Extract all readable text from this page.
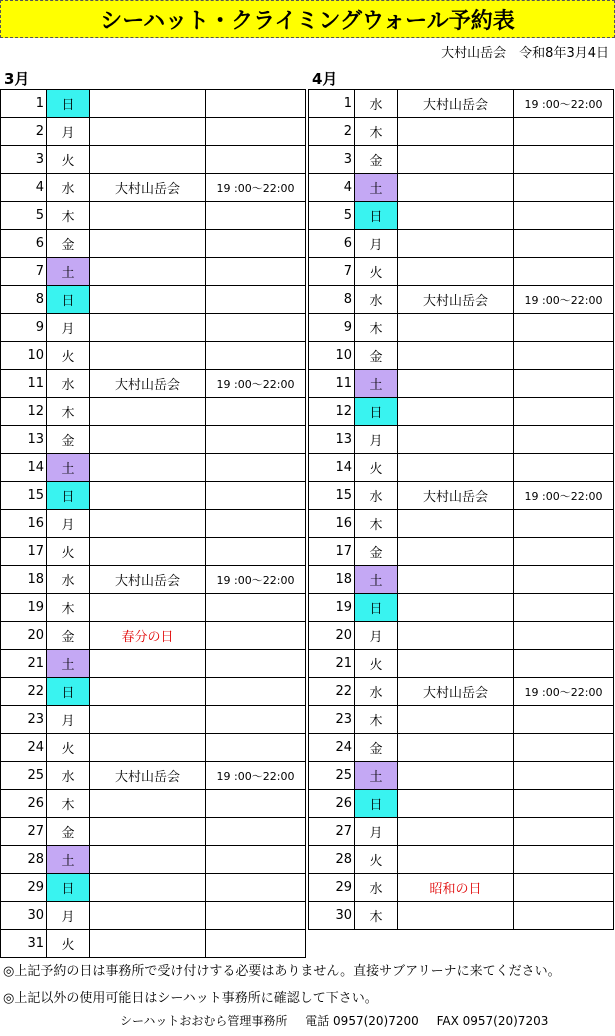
シーハット・クライミングウォール予約表
大村山岳会　令和8年3月4日
3月	4月
1	日		
2	月		
3	火		
4	水	大村山岳会	19 :00〜22:00
5	木		
6	金		
7	土		
8	日		
9	月		
10	火		
11	水	大村山岳会	19 :00〜22:00
12	木		
13	金		
14	土		
15	日		
16	月		
17	火		
18	水	大村山岳会	19 :00〜22:00
19	木		
20	金	春分の日	
21	土		
22	日		
23	月		
24	火		
25	水	大村山岳会	19 :00〜22:00
26	木		
27	金		
28	土		
29	日		
30	月		
31	火		
1	水	大村山岳会	19 :00〜22:00
2	木		
3	金		
4	土		
5	日		
6	月		
7	火		
8	水	大村山岳会	19 :00〜22:00
9	木		
10	金		
11	土		
12	日		
13	月		
14	火		
15	水	大村山岳会	19 :00〜22:00
16	木		
17	金		
18	土		
19	日		
20	月		
21	火		
22	水	大村山岳会	19 :00〜22:00
23	木		
24	金		
25	土		
26	日		
27	月		
28	火		
29	水	昭和の日	
30	木		
◎上記予約の日は事務所で受け付けする必要はありません。直接サブアリーナに来てください。
◎上記以外の使用可能日はシーハット事務所に確認して下さい。
シーハットおおむら管理事務所 電話 0957(20)7200 FAX 0957(20)7203
